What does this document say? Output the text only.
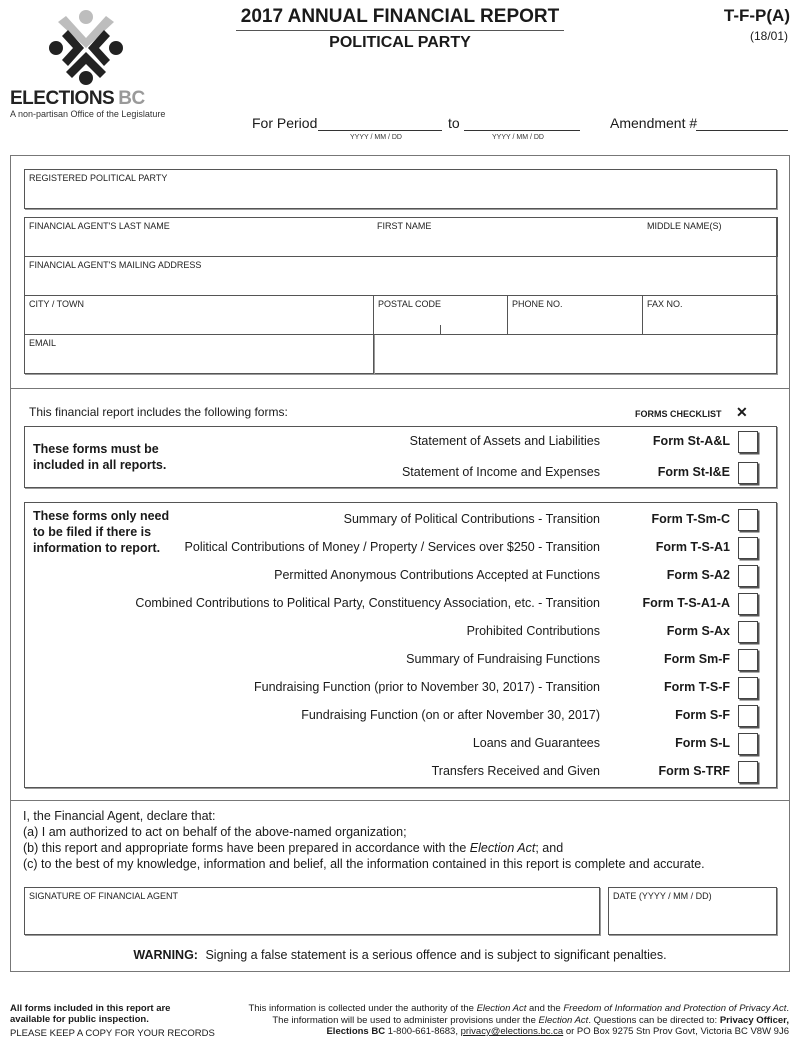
ELECTIONS BC
A non-partisan Office of the Legislature
2017 ANNUAL FINANCIAL REPORT
POLITICAL PARTY
T-F-P(A)
(18/01)
For Period
YYYY / MM / DD
to
YYYY / MM / DD
Amendment #
REGISTERED POLITICAL PARTY
FINANCIAL AGENT'S LAST NAME	FIRST NAME	MIDDLE NAME(S)
FINANCIAL AGENT'S MAILING ADDRESS
CITY / TOWN	POSTAL CODE	PHONE NO.	FAX NO.
EMAIL
This financial report includes the following forms:	FORMS CHECKLIST ✕
These forms must be included in all reports.
Statement of Assets and Liabilities	Form St-A&L
Statement of Income and Expenses	Form St-I&E
These forms only need to be filed if there is information to report.
Summary of Political Contributions - Transition	Form T-Sm-C
Political Contributions of Money / Property / Services over $250 - Transition	Form T-S-A1
Permitted Anonymous Contributions Accepted at Functions	Form S-A2
Combined Contributions to Political Party, Constituency Association, etc. - Transition	Form T-S-A1-A
Prohibited Contributions	Form S-Ax
Summary of Fundraising Functions	Form Sm-F
Fundraising Function (prior to November 30, 2017) - Transition	Form T-S-F
Fundraising Function (on or after November 30, 2017)	Form S-F
Loans and Guarantees	Form S-L
Transfers Received and Given	Form S-TRF
I, the Financial Agent, declare that:
(a) I am authorized to act on behalf of the above-named organization;
(b) this report and appropriate forms have been prepared in accordance with the Election Act; and
(c) to the best of my knowledge, information and belief, all the information contained in this report is complete and accurate.
SIGNATURE OF FINANCIAL AGENT	DATE (YYYY / MM / DD)
WARNING: Signing a false statement is a serious offence and is subject to significant penalties.
All forms included in this report are
available for public inspection.
PLEASE KEEP A COPY FOR YOUR RECORDS
This information is collected under the authority of the Election Act and the Freedom of Information and Protection of Privacy Act.
The information will be used to administer provisions under the Election Act. Questions can be directed to: Privacy Officer,
Elections BC 1-800-661-8683, privacy@elections.bc.ca or PO Box 9275 Stn Prov Govt, Victoria BC V8W 9J6
